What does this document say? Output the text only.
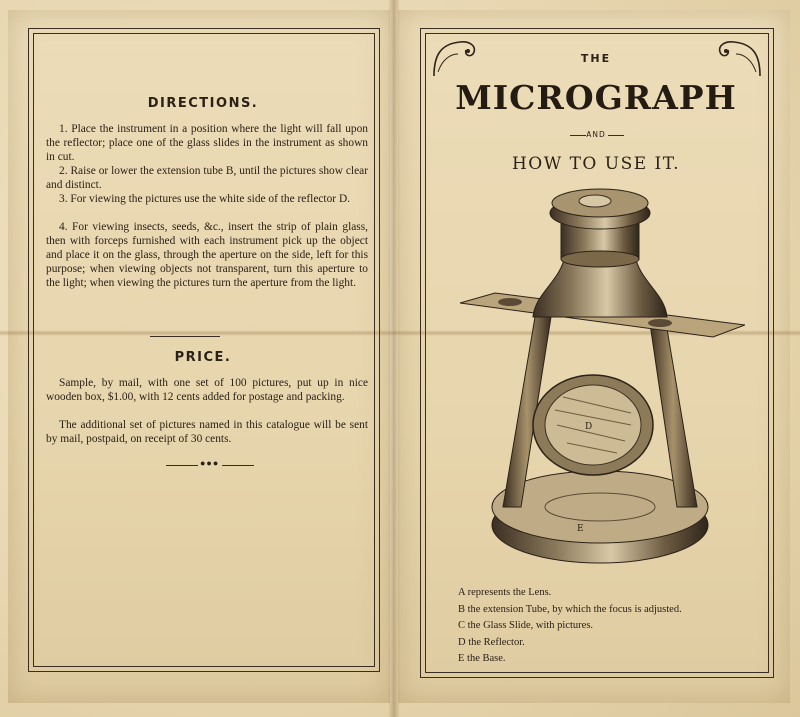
DIRECTIONS.

1. Place the instrument in a position where the light will fall upon the reflector; place one of the glass slides in the instrument as shown in cut.

2. Raise or lower the extension tube B, until the pictures show clear and distinct.

3. For viewing the pictures use the white side of the reflector D.

4. For viewing insects, seeds, &c., insert the strip of plain glass, then with forceps furnished with each instrument pick up the object and place it on the glass, through the aperture on the side, left for this purpose; when viewing objects not transparent, turn this aperture to the light; when viewing the pictures turn the aperture from the light.

PRICE.

Sample, by mail, with one set of 100 pictures, put up in nice wooden box, $1.00, with 12 cents added for postage and packing.

The additional set of pictures named in this catalogue will be sent by mail, postpaid, on receipt of 30 cents.

●●●
THE
MICROGRAPH
AND
HOW TO USE IT.
E
D
A represents the Lens.
B the extension Tube, by which the focus is adjusted.
C the Glass Slide, with pictures.
D the Reflector.
E the Base.
